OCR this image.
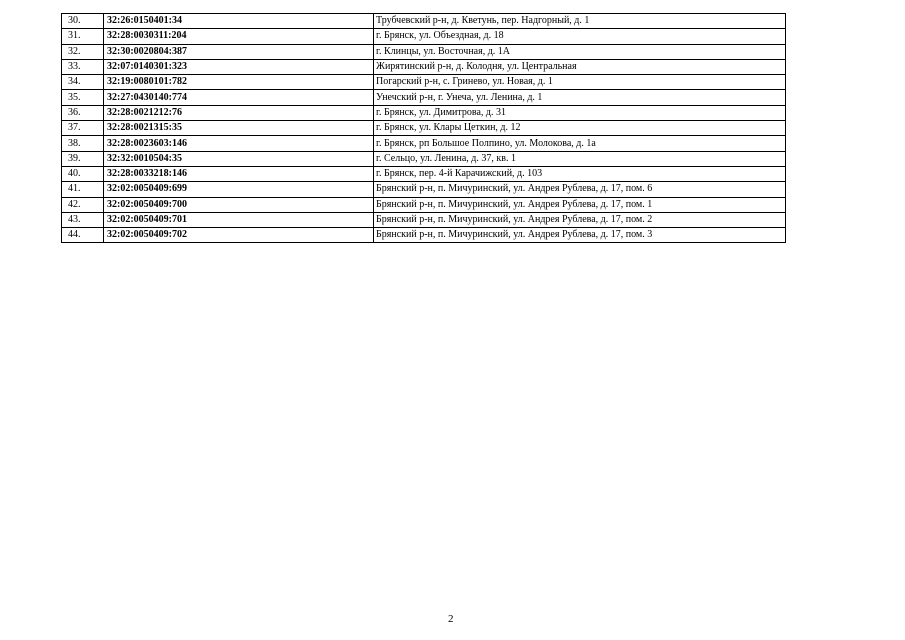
30.	32:26:0150401:34	Трубчевский р-н, д. Кветунь, пер. Надгорный, д. 1
31.	32:28:0030311:204	г. Брянск, ул. Объездная, д. 18
32.	32:30:0020804:387	г. Клинцы, ул. Восточная, д. 1А
33.	32:07:0140301:323	Жирятинский р-н, д. Колодня, ул. Центральная
34.	32:19:0080101:782	Погарский р-н, с. Гринево, ул. Новая, д. 1
35.	32:27:0430140:774	Унечский р-н, г. Унеча, ул. Ленина, д. 1
36.	32:28:0021212:76	г. Брянск, ул. Димитрова, д. 31
37.	32:28:0021315:35	г. Брянск, ул. Клары Цеткин, д. 12
38.	32:28:0023603:146	г. Брянск, рп Большое Полпино, ул. Молокова, д. 1а
39.	32:32:0010504:35	г. Сельцо, ул. Ленина, д. 37, кв. 1
40.	32:28:0033218:146	г. Брянск, пер. 4-й Карачижский, д. 103
41.	32:02:0050409:699	Брянский р-н, п. Мичуринский, ул. Андрея Рублева, д. 17, пом. 6
42.	32:02:0050409:700	Брянский р-н, п. Мичуринский, ул. Андрея Рублева, д. 17, пом. 1
43.	32:02:0050409:701	Брянский р-н, п. Мичуринский, ул. Андрея Рублева, д. 17, пом. 2
44.	32:02:0050409:702	Брянский р-н, п. Мичуринский, ул. Андрея Рублева, д. 17, пом. 3
2
